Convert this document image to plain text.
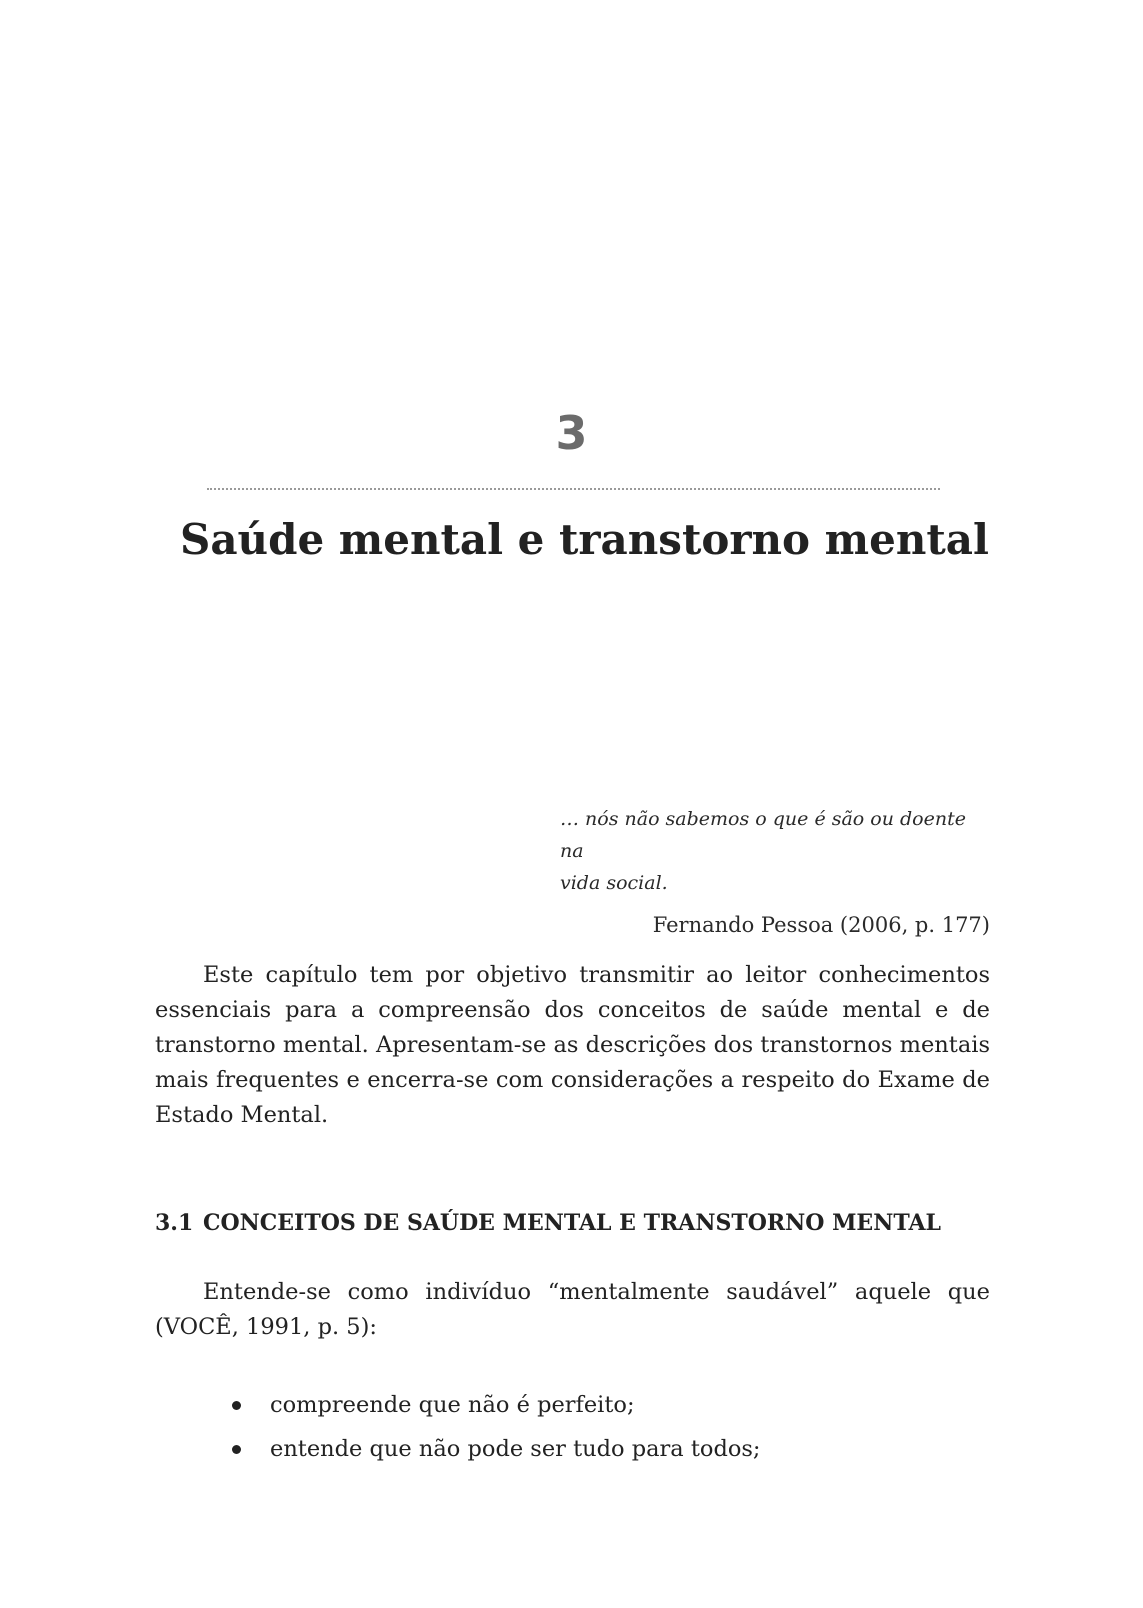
3
Saúde mental e transtorno mental

… nós não sabemos o que é são ou doente na
vida social.

Fernando Pessoa (2006, p. 177)

Este capítulo tem por objetivo transmitir ao leitor conhecimentos essenciais para a compreensão dos conceitos de saúde mental e de transtorno mental. Apresentam-se as descrições dos transtornos mentais mais frequentes e encerra-se com considerações a respeito do Exame de Estado Mental.

3.1 CONCEITOS DE SAÚDE MENTAL E TRANSTORNO MENTAL

Entende-se como indivíduo “mentalmente saudável” aquele que (VOCÊ, 1991, p. 5):

compreende que não é perfeito;
entende que não pode ser tudo para todos;
